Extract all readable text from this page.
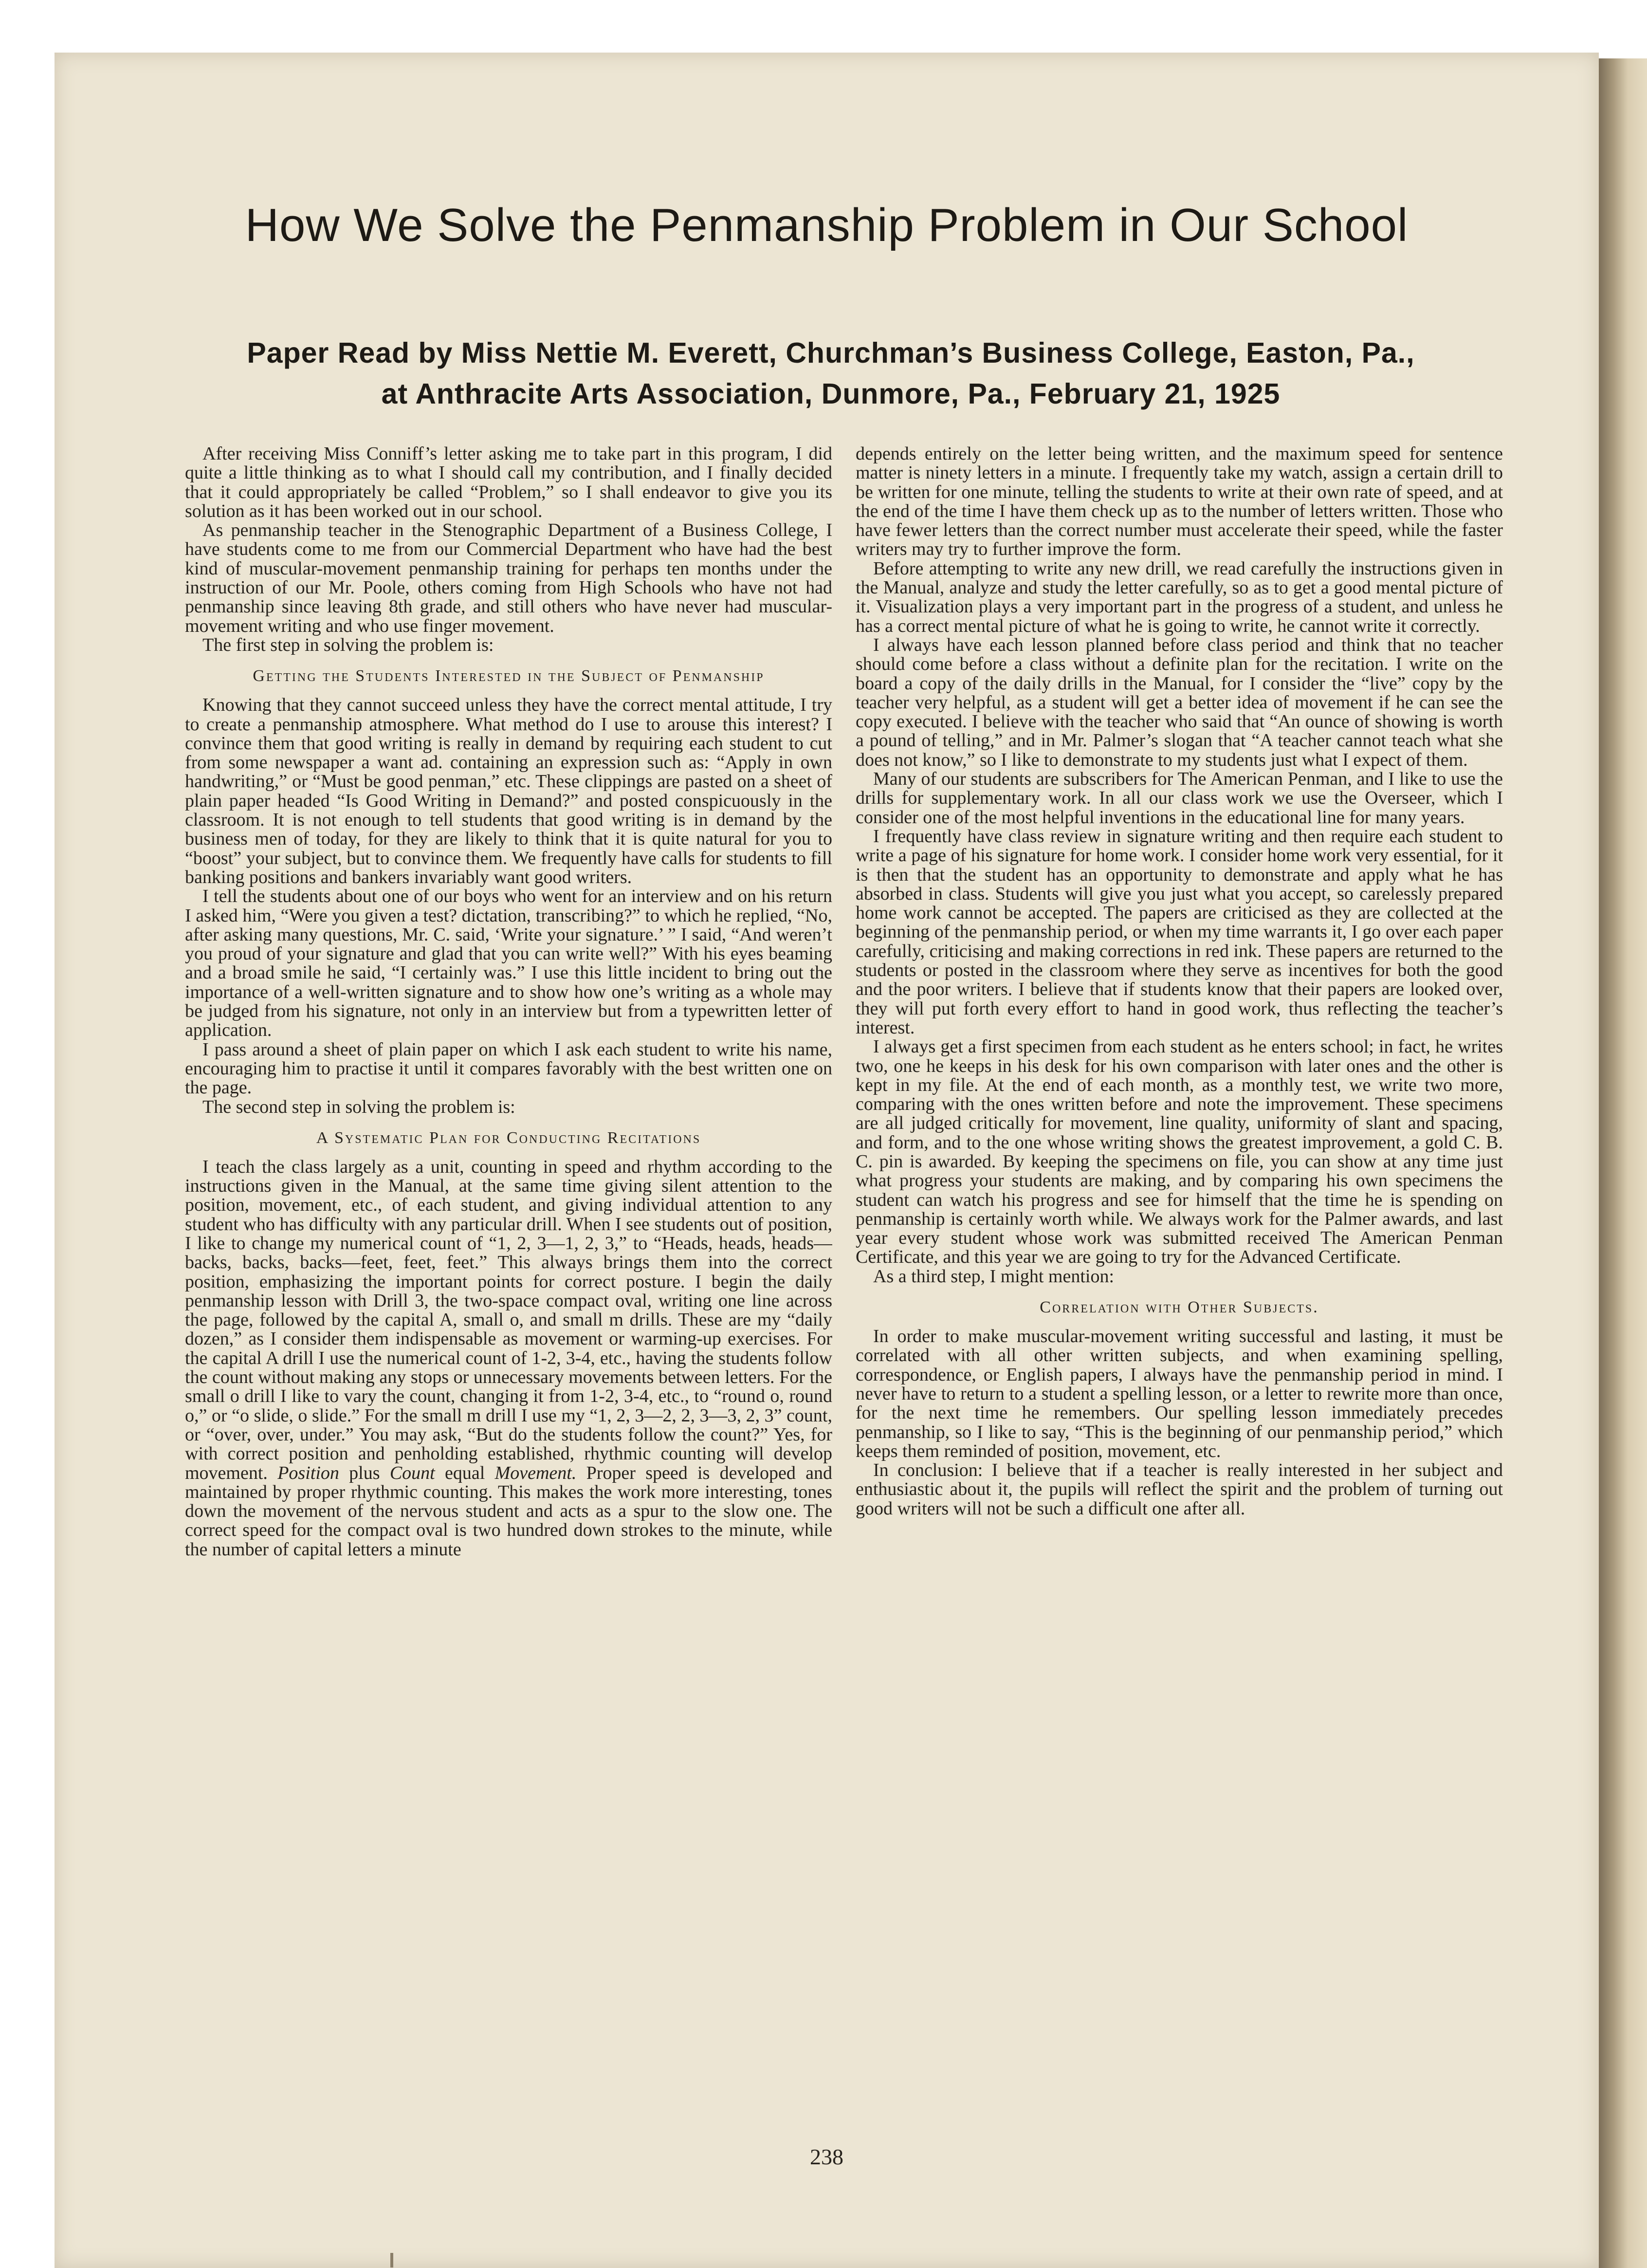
How We Solve the Penmanship Problem in Our School
Paper Read by Miss Nettie M. Everett, Churchman’s Business College, Easton, Pa.,
at Anthracite Arts Association, Dunmore, Pa., February 21, 1925

After receiving Miss Conniff’s letter asking me to take part in this program, I did quite a little thinking as to what I should call my contribution, and I finally decided that it could appropriately be called “Problem,” so I shall endeavor to give you its solution as it has been worked out in our school.

As penmanship teacher in the Stenographic Department of a Business College, I have students come to me from our Commercial Department who have had the best kind of muscular-movement penmanship training for perhaps ten months under the instruction of our Mr. Poole, others coming from High Schools who have not had penmanship since leaving 8th grade, and still others who have never had muscular-movement writing and who use finger movement.

The first step in solving the problem is:

Getting the Students Interested in the Subject of Penmanship

Knowing that they cannot succeed unless they have the correct mental attitude, I try to create a penmanship atmosphere. What method do I use to arouse this interest? I convince them that good writing is really in demand by requiring each student to cut from some newspaper a want ad. containing an expression such as: “Apply in own handwriting,” or “Must be good penman,” etc. These clippings are pasted on a sheet of plain paper headed “Is Good Writing in Demand?” and posted conspicuously in the classroom. It is not enough to tell students that good writing is in demand by the business men of today, for they are likely to think that it is quite natural for you to “boost” your subject, but to convince them. We frequently have calls for students to fill banking positions and bankers invariably want good writers.

I tell the students about one of our boys who went for an interview and on his return I asked him, “Were you given a test? dictation, transcribing?” to which he replied, “No, after asking many questions, Mr. C. said, ‘Write your signature.’ ” I said, “And weren’t you proud of your signature and glad that you can write well?” With his eyes beaming and a broad smile he said, “I certainly was.” I use this little incident to bring out the importance of a well-written signature and to show how one’s writing as a whole may be judged from his signature, not only in an interview but from a typewritten letter of application.

I pass around a sheet of plain paper on which I ask each student to write his name, encouraging him to practise it until it compares favorably with the best written one on the page.

The second step in solving the problem is:

A Systematic Plan for Conducting Recitations

I teach the class largely as a unit, counting in speed and rhythm according to the instructions given in the Manual, at the same time giving silent attention to the position, movement, etc., of each student, and giving individual attention to any student who has difficulty with any particular drill. When I see students out of position, I like to change my numerical count of “1, 2, 3—1, 2, 3,” to “Heads, heads, heads—backs, backs, backs—feet, feet, feet.” This always brings them into the correct position, emphasizing the important points for correct posture. I begin the daily penmanship lesson with Drill 3, the two-space compact oval, writing one line across the page, followed by the capital A, small o, and small m drills. These are my “daily dozen,” as I consider them indispensable as movement or warming-up exercises. For the capital A drill I use the numerical count of 1-2, 3-4, etc., having the students follow the count without making any stops or unnecessary movements between letters. For the small o drill I like to vary the count, changing it from 1-2, 3-4, etc., to “round o, round o,” or “o slide, o slide.” For the small m drill I use my “1, 2, 3—2, 2, 3—3, 2, 3” count, or “over, over, under.” You may ask, “But do the students follow the count?” Yes, for with correct position and penholding established, rhythmic counting will develop movement. Position plus Count equal Movement. Proper speed is developed and maintained by proper rhythmic counting. This makes the work more interesting, tones down the movement of the nervous student and acts as a spur to the slow one. The correct speed for the compact oval is two hundred down strokes to the minute, while the number of capital letters a minute

depends entirely on the letter being written, and the maximum speed for sentence matter is ninety letters in a minute. I frequently take my watch, assign a certain drill to be written for one minute, telling the students to write at their own rate of speed, and at the end of the time I have them check up as to the number of letters written. Those who have fewer letters than the correct number must accelerate their speed, while the faster writers may try to further improve the form.

Before attempting to write any new drill, we read carefully the instructions given in the Manual, analyze and study the letter carefully, so as to get a good mental picture of it. Visualization plays a very important part in the progress of a student, and unless he has a correct mental picture of what he is going to write, he cannot write it correctly.

I always have each lesson planned before class period and think that no teacher should come before a class without a definite plan for the recitation. I write on the board a copy of the daily drills in the Manual, for I consider the “live” copy by the teacher very helpful, as a student will get a better idea of movement if he can see the copy executed. I believe with the teacher who said that “An ounce of showing is worth a pound of telling,” and in Mr. Palmer’s slogan that “A teacher cannot teach what she does not know,” so I like to demonstrate to my students just what I expect of them.

Many of our students are subscribers for The American Penman, and I like to use the drills for supplementary work. In all our class work we use the Overseer, which I consider one of the most helpful inventions in the educational line for many years.

I frequently have class review in signature writing and then require each student to write a page of his signature for home work. I consider home work very essential, for it is then that the student has an opportunity to demonstrate and apply what he has absorbed in class. Students will give you just what you accept, so carelessly prepared home work cannot be accepted. The papers are criticised as they are collected at the beginning of the penmanship period, or when my time warrants it, I go over each paper carefully, criticising and making corrections in red ink. These papers are returned to the students or posted in the classroom where they serve as incentives for both the good and the poor writers. I believe that if students know that their papers are looked over, they will put forth every effort to hand in good work, thus reflecting the teacher’s interest.

I always get a first specimen from each student as he enters school; in fact, he writes two, one he keeps in his desk for his own comparison with later ones and the other is kept in my file. At the end of each month, as a monthly test, we write two more, comparing with the ones written before and note the improvement. These specimens are all judged critically for movement, line quality, uniformity of slant and spacing, and form, and to the one whose writing shows the greatest improvement, a gold C. B. C. pin is awarded. By keeping the specimens on file, you can show at any time just what progress your students are making, and by comparing his own specimens the student can watch his progress and see for himself that the time he is spending on penmanship is certainly worth while. We always work for the Palmer awards, and last year every student whose work was submitted received The American Penman Certificate, and this year we are going to try for the Advanced Certificate.

As a third step, I might mention:

Correlation with Other Subjects.

In order to make muscular-movement writing successful and lasting, it must be correlated with all other written subjects, and when examining spelling, correspondence, or English papers, I always have the penmanship period in mind. I never have to return to a student a spelling lesson, or a letter to rewrite more than once, for the next time he remembers. Our spelling lesson immediately precedes penmanship, so I like to say, “This is the beginning of our penmanship period,” which keeps them reminded of position, movement, etc.

In conclusion: I believe that if a teacher is really interested in her subject and enthusiastic about it, the pupils will reflect the spirit and the problem of turning out good writers will not be such a difficult one after all.

238
